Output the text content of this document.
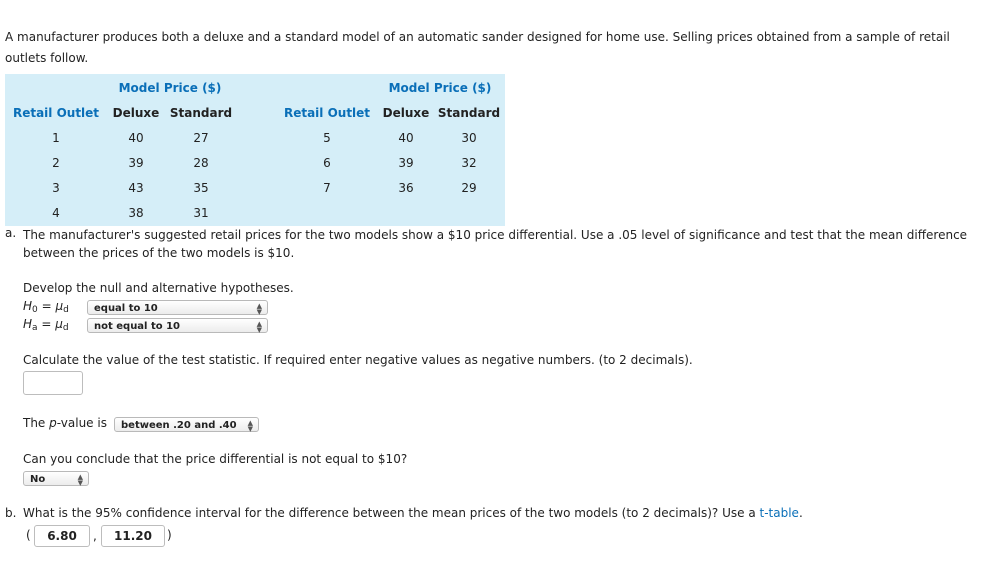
A manufacturer produces both a deluxe and a standard model of an automatic sander designed for home use. Selling prices obtained from a sample of retail outlets follow.
Model Price ($)
Retail Outlet	Deluxe Standard
Model Price ($)
Retail Outlet	Deluxe Standard
1	40	27
2	39	28
3	43	35
4	38	31
5	40	30
6	39	32
7	36	29
a. The manufacturer's suggested retail prices for the two models show a $10 price differential. Use a .05 level of significance and test that the mean difference between the prices of the two models is $10.
Develop the null and alternative hypotheses.
H0 = μd	equal to 10	▲
▼
Ha = μd	not equal to 10	▲
▼
Calculate the value of the test statistic. If required enter negative values as negative numbers. (to 2 decimals).
The p-value is	between .20 and .40 ▲
▼
Can you conclude that the price differential is not equal to $10?
No	▲
▼
b. What is the 95% confidence interval for the difference between the mean prices of the two models (to 2 decimals)? Use a t-table.
(	6.80	,	11.20	)
